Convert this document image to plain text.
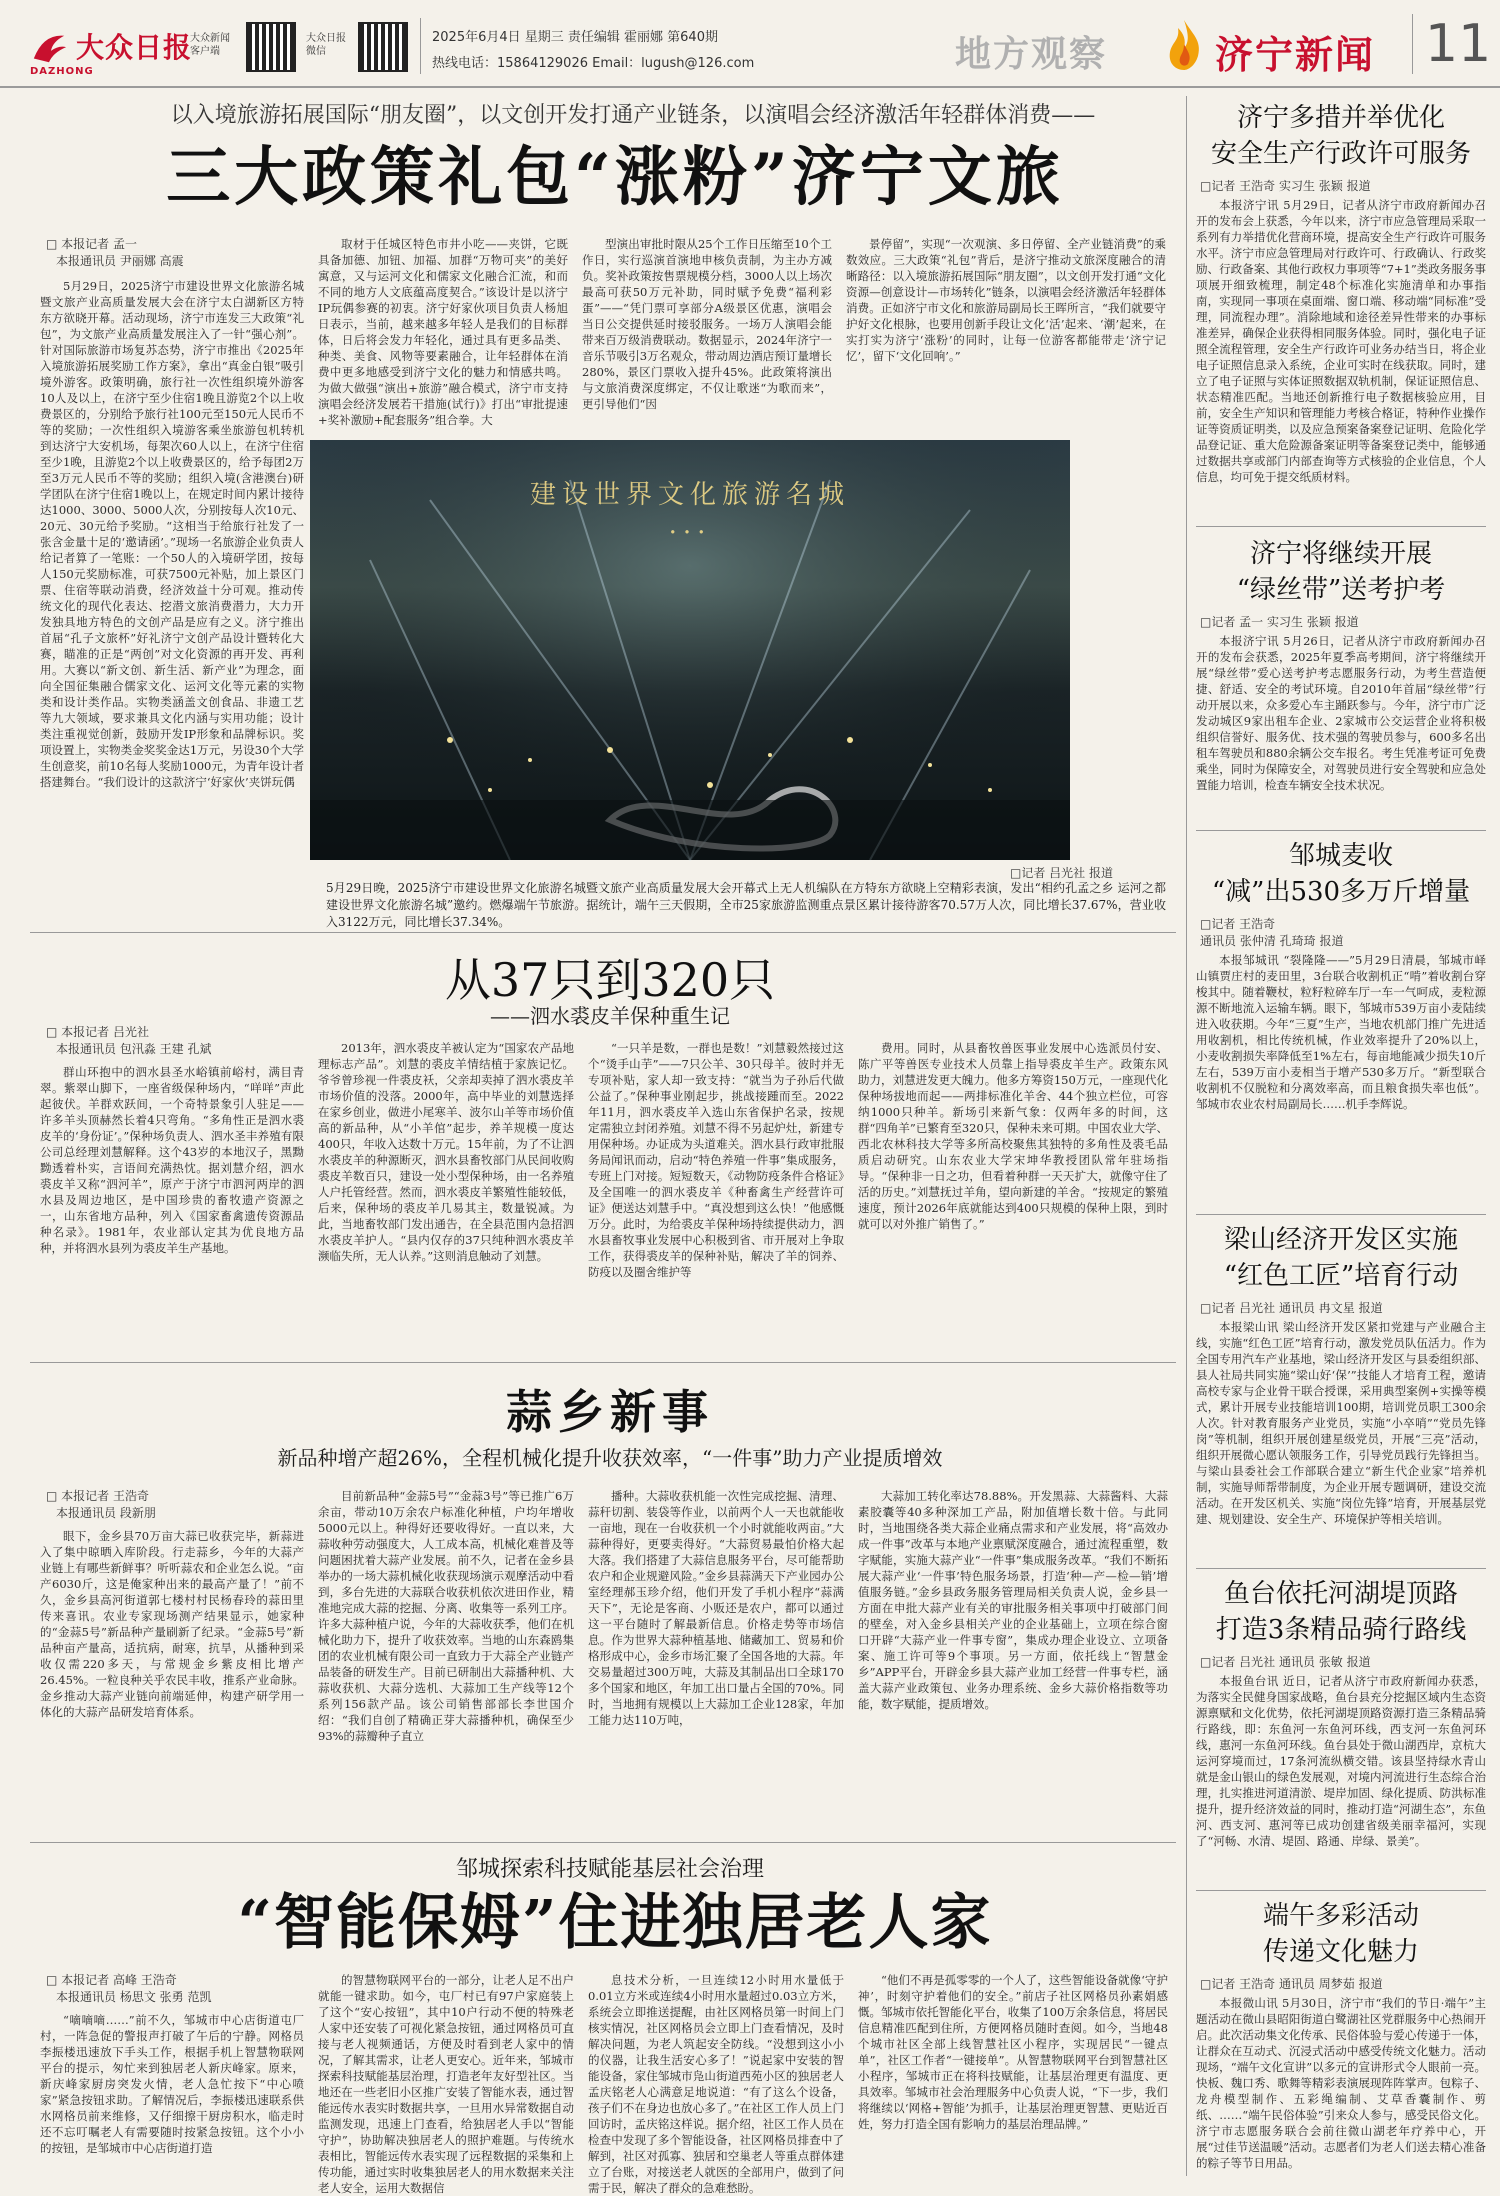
大众日报
DAZHONG
大众新闻
客户端
大众日报
微信
2025年6月4日 星期三 责任编辑 霍丽娜 第640期
热线电话：15864129026 Email：lugush@126.com	地方观察	济宁新闻 11
以入境旅游拓展国际“朋友圈”，以文创开发打通产业链条，以演唱会经济激活年轻群体消费——
三大政策礼包“涨粉”济宁文旅
□ 本报记者 孟一
本报通讯员 尹丽娜 高震

5月29日，2025济宁市建设世界文化旅游名城暨文旅产业高质量发展大会在济宁太白湖新区方特东方欲晓开幕。活动现场，济宁市连发三大政策“礼包”，为文旅产业高质量发展注入了一针“强心剂”。针对国际旅游市场复苏态势，济宁市推出《2025年入境旅游拓展奖励工作方案》，拿出“真金白银”吸引境外游客。政策明确，旅行社一次性组织境外游客10人及以上，在济宁至少住宿1晚且游览2个以上收费景区的，分别给予旅行社100元至150元人民币不等的奖励；一次性组织入境游客乘坐旅游包机转机到达济宁大安机场，每架次60人以上，在济宁住宿至少1晚，且游览2个以上收费景区的，给予每团2万至3万元人民币不等的奖励；组织入境(含港澳台)研学团队在济宁住宿1晚以上，在规定时间内累计接待达1000、3000、5000人次，分别按每人次10元、20元、30元给予奖励。“这相当于给旅行社发了一张含金量十足的‘邀请函’。”现场一名旅游企业负责人给记者算了一笔账：一个50人的入境研学团，按每人150元奖励标准，可获7500元补贴，加上景区门票、住宿等联动消费，经济效益十分可观。推动传统文化的现代化表达、挖潜文旅消费潜力，大力开发独具地方特色的文创产品是应有之义。济宁推出首届“孔子文旅杯”好礼济宁文创产品设计暨转化大赛，瞄准的正是“两创”对文化资源的再开发、再利用。大赛以“新文创、新生活、新产业”为理念，面向全国征集融合儒家文化、运河文化等元素的实物类和设计类作品。实物类涵盖文创食品、非遗工艺等九大领域，要求兼具文化内涵与实用功能；设计类注重视觉创新，鼓励开发IP形象和品牌标识。奖项设置上，实物类金奖奖金达1万元，另设30个大学生创意奖，前10名每人奖励1000元，为青年设计者搭建舞台。“我们设计的这款济宁‘好家伙’夹饼玩偶

取材于任城区特色市井小吃——夹饼，它既具备加德、加钮、加福、加群“万物可夹”的美好寓意，又与运河文化和儒家文化融合汇流，和而不同的地方人文底蕴高度契合。”该设计是以济宁IP玩偶参赛的初衷。济宁好家伙项目负责人杨旭日表示，当前，越来越多年轻人是我们的目标群体，日后将会发力年轻化，通过具有更多品类、种类、美食、风物等要素融合，让年轻群体在消费中更多地感受到济宁文化的魅力和情感共鸣。为做大做强“演出+旅游”融合模式，济宁市支持演唱会经济发展若干措施(试行)》打出“审批提速+奖补激励+配套服务”组合拳。大

型演出审批时限从25个工作日压缩至10个工作日，实行巡演首演地申核负责制，为主办方减负。奖补政策按售票规模分档，3000人以上场次最高可获50万元补助，同时赋予免费“福利彩蛋”——“凭门票可享部分A级景区优惠，演唱会当日公交提供延时接驳服务。一场万人演唱会能带来百万级消费联动。数据显示，2024年济宁一音乐节吸引3万名观众，带动周边酒店预订量增长280%，景区门票收入提升45%。此政策将演出与文旅消费深度绑定，不仅让歌迷“为歌而来”，更引导他们“因

景停留”，实现“一次观演、多日停留、全产业链消费”的乘数效应。三大政策“礼包”背后，是济宁推动文旅深度融合的清晰路径：以入境旅游拓展国际“朋友圈”，以文创开发打通“文化资源—创意设计—市场转化”链条，以演唱会经济激活年轻群体消费。正如济宁市文化和旅游局副局长王晖所言，“我们就要守护好文化根脉，也要用创新手段让文化‘活’起来、‘潮’起来，在实打实为济宁‘涨粉’的同时，让每一位游客都能带走‘济宁记忆’，留下‘文化回响’。”

建设世界文化旅游名城
...
□记者 吕光社 报道
5月29日晚，2025济宁市建设世界文化旅游名城暨文旅产业高质量发展大会开幕式上无人机编队在方特东方欲晓上空精彩表演，发出“相约孔孟之乡 运河之都 建设世界文化旅游名城”邀约。燃爆端午节旅游。据统计，端午三天假期，全市25家旅游监测重点景区累计接待游客70.57万人次，同比增长37.67%，营业收入3122万元，同比增长37.34%。
从37只到320只
——泗水裘皮羊保种重生记
□ 本报记者 吕光社
本报通讯员 包汛淼 王建 孔斌

群山环抱中的泗水县圣水峪镇前峪村，满目青翠。紫翠山脚下，一座省级保种场内，“咩咩”声此起彼伏。羊群欢跃间，一个奇特景象引人驻足——许多羊头顶赫然长着4只弯角。“多角性正是泗水裘皮羊的‘身份证’。”保种场负责人、泗水圣丰养殖有限公司总经理刘慧解释。这个43岁的本地汉子，黑黝黝透着朴实，言语间充满热忱。据刘慧介绍，泗水裘皮羊又称“泗河羊”，原产于济宁市泗河两岸的泗水县及周边地区，是中国珍贵的畜牧遗产资源之一，山东省地方品种，列入《国家畜禽遗传资源品种名录》。1981年，农业部认定其为优良地方品种，并将泗水县列为裘皮羊生产基地。

2013年，泗水裘皮羊被认定为“国家农产品地理标志产品”。刘慧的裘皮羊情结植于家族记忆。爷爷曾珍视一件裘皮袄，父亲却卖掉了泗水裘皮羊市场价值的没落。2000年，高中毕业的刘慧选择在家乡创业，做进小尾寒羊、波尔山羊等市场价值高的新品种，从“小羊倌”起步，养羊规模一度达400只，年收入达数十万元。15年前，为了不让泗水裘皮羊的种源断灭，泗水县畜牧部门从民间收购裘皮羊数百只，建设一处小型保种场，由一名养殖人户托管经营。然而，泗水裘皮羊繁殖性能较低，后来，保种场的裘皮羊几易其主，数量锐减。为此，当地畜牧部门发出通告，在全县范围内急招泗水裘皮羊护人。“县内仅存的37只纯种泗水裘皮羊濒临失所，无人认养。”这则消息触动了刘慧。

“一只羊是数，一群也是数！”刘慧毅然接过这个“烫手山芋”——7只公羊、30只母羊。彼时并无专项补贴，家人却一致支持：“就当为子孙后代做公益了。”保种事业刚起步，挑战接踵而至。2022年11月，泗水裘皮羊入选山东省保护名录，按规定需独立封闭养殖。刘慧不得不另起炉灶，新建专用保种场。办证成为头道难关。泗水县行政审批服务局闻讯而动，启动“特色养殖一件事”集成服务，专班上门对接。短短数天，《动物防疫条件合格证》及全国唯一的泗水裘皮羊《种畜禽生产经营许可证》便送达刘慧手中。“真没想到这么快！”他感慨万分。此时，为给裘皮羊保种场持续提供动力，泗水县畜牧事业发展中心积极到省、市开展对上争取工作，获得裘皮羊的保种补贴，解决了羊的饲养、防疫以及圈舍维护等

费用。同时，从县畜牧兽医事业发展中心选派员付安、陈广平等兽医专业技术人员靠上指导裘皮羊生产。政策东风助力，刘慧进发更大魄力。他多方筹资150万元，一座现代化保种场拔地而起——两排标准化羊舍、44个独立栏位，可容纳1000只种羊。新场引来新气象：仅两年多的时间，这群“四角羊”已繁育至320只，保种未来可期。中国农业大学、西北农林科技大学等多所高校聚焦其独特的多角性及裘毛品质启动研究。山东农业大学宋坤华教授团队常年驻场指导。“保种非一日之功，但看着种群一天天扩大，就像守住了活的历史。”刘慧抚过羊角，望向新建的羊舍。“按规定的繁殖速度，预计2026年底就能达到400只规模的保种上限，到时就可以对外推广销售了。”

蒜乡新事
新品种增产超26%，全程机械化提升收获效率，“一件事”助力产业提质增效
□ 本报记者 王浩奇
本报通讯员 段新朋

眼下，金乡县70万亩大蒜已收获完毕，新蒜进入了集中晾晒入库阶段。行走蒜乡，今年的大蒜产业链上有哪些新鲜事？听听蒜农和企业怎么说。“亩产6030斤，这是俺家种出来的最高产量了！”前不久，金乡县高河街道郭七楼村村民杨春玲的蒜田里传来喜讯。农业专家现场测产结果显示，她家种的“金蒜5号”新品种产量刷新了纪录。“金蒜5号”新品种亩产量高，适抗病，耐寒，抗旱，从播种到采收仅需220多天，与常规金乡紫皮相比增产26.45%。一粒良种关乎农民丰收，推系产业命脉。金乡推动大蒜产业链向前端延伸，构建产研学用一体化的大蒜产品研发培育体系。

目前新品种“金蒜5号”“金蒜3号”等已推广6万余亩，带动10万余农户标准化种植，户均年增收5000元以上。种得好还要收得好。一直以来，大蒜收种劳动强度大，人工成本高，机械化难普及等问题困扰着大蒜产业发展。前不久，记者在金乡县举办的一场大蒜机械化收获现场演示观摩活动中看到，多台先进的大蒜联合收获机依次进田作业，精准地完成大蒜的挖掘、分离、收集等一系列工序。许多大蒜种植户说，今年的大蒜收获季，他们在机械化助力下，提升了收获效率。当地的山东森鸥集团的农业机械有限公司一直致力于大蒜全产业链产品装备的研发生产。目前已研制出大蒜播种机、大蒜收获机、大蒜分选机、大蒜加工生产线等12个系列156款产品。该公司销售部部长李世国介绍：“我们自创了精确正芽大蒜播种机，确保至少93%的蒜瓣种子直立

播种。大蒜收获机能一次性完成挖掘、清理、蒜秆切割、装袋等作业，以前两个人一天也就能收一亩地，现在一台收获机一个小时就能收两亩。”大蒜种得好，更要卖得好。“大蒜贸易最怕价格大起大落。我们搭建了大蒜信息服务平台，尽可能帮助农户和企业规避风险。”金乡县蒜满天下产业园办公室经理郝玉珍介绍，他们开发了手机小程序“蒜满天下”，无论是客商、小贩还是农户，都可以通过这一平台随时了解最新信息。价格走势等市场信息。作为世界大蒜种植基地、储藏加工、贸易和价格形成中心，金乡市场汇聚了全国各地的大蒜。年交易量超过300万吨，大蒜及其制品出口全球170多个国家和地区，年加工出口量占全国的70%。同时，当地拥有规模以上大蒜加工企业128家，年加工能力达110万吨，

大蒜加工转化率达78.88%。开发黑蒜、大蒜酱料、大蒜素胶囊等40多种深加工产品，附加值增长数十倍。与此同时，当地围绕各类大蒜企业痛点需求和产业发展，将“高效办成一件事”改革与本地产业禀赋深度融合，通过流程重塑，数字赋能，实施大蒜产业“一件事”集成服务改革。“我们不断拓展大蒜产业‘一件事’特色服务场景，打造‘种—产—检—销’增值服务链。”金乡县政务服务管理局相关负责人说，金乡县一方面在申批大蒜产业有关的审批服务相关事项中打破部门间的壁垒，对入金乡县相关产业的企业基础上，立项在综合窗口开辟“大蒜产业一件事专窗”，集成办理企业设立、立项备案、施工许可等9个事项。另一方面，依托线上“智慧金乡”APP平台，开辟金乡县大蒜产业加工经营一件事专栏，涵盖大蒜产业政策包、业务办理系统、金乡大蒜价格指数等功能，数字赋能，提质增效。

邹城探索科技赋能基层社会治理
“智能保姆”住进独居老人家
□ 本报记者 高峰 王浩奇
本报通讯员 杨思文 张勇 范凯

“嘀嘀嘀……”前不久，邹城市中心店街道屯厂村，一阵急促的警报声打破了午后的宁静。网格员李振楼迅速放下手头工作，根据手机上智慧物联网平台的提示，匆忙来到独居老人新庆峰家。原来，新庆峰家厨房突发火情，老人急忙按下“中心喷家”紧急按钮求助。了解情况后，李振楼迅速联系供水网格员前来维修，又仔细擦干厨房积水，临走时还不忘叮嘱老人有需要随时按紧急按钮。这个小小的按钮，是邹城市中心店街道打造

的智慧物联网平台的一部分，让老人足不出户就能一键求助。如今，屯厂村已有97户家庭装上了这个“安心按钮”，其中10户行动不便的特殊老人家中还安装了可视化紧急按钮，通过网格员可直接与老人视频通话，方便及时看到老人家中的情况，了解其需求，让老人更安心。近年来，邹城市探索科技赋能基层治理，打造老年友好型社区。当地还在一些老旧小区推广安装了智能水表，通过智能远传水表实时数据共享，一旦用水异常数据自动监测发现，迅速上门查看，给独居老人手以“智能守护”，协助解决独居老人的照护难题。与传统水表相比，智能远传水表实现了远程数据的采集和上传功能，通过实时收集独居老人的用水数据来关注老人安全，运用大数据信

息技术分析，一旦连续12小时用水量低于0.01立方米或连续4小时用水量超过0.03立方米，系统会立即推送提醒，由社区网格员第一时间上门核实情况，社区网格员会立即上门查看情况，及时解决问题，为老人筑起安全防线。“没想到这小小的仪器，让我生活安心多了！”说起家中安装的智能设备，家住邹城市凫山街道西苑小区的独居老人孟庆铭老人心满意足地说道：“有了这么个设备，孩子们不在身边也放心多了。”在社区工作人员上门回访时，孟庆铭这样说。据介绍，社区工作人员在检查中发现了多个智能设备，社区网格员排查中了解到，社区对孤寡、独居和空巢老人等重点群体建立了台账，对接送老人就医的全部用户，做到了问需于民，解决了群众的急难愁盼。

“他们不再是孤零零的一个人了，这些智能设备就像‘守护神’，时刻守护着他们的安全。”前店子社区网格员孙素娟感慨。邹城市依托智能化平台，收集了100万余条信息，将居民信息精准匹配到住所，方便网格员随时查阅。如今，当地48个城市社区全部上线智慧社区小程序，实现居民“一键点单”，社区工作者“一键接单”。从智慧物联网平台到智慧社区小程序，邹城市正在将科技赋能，让基层治理更有温度、更具效率。邹城市社会治理服务中心负责人说，“下一步，我们将继续以‘网格+智能’为抓手，让基层治理更智慧、更贴近百姓，努力打造全国有影响力的基层治理品牌。”

济宁多措并举优化
安全生产行政许可服务
□记者 王浩奇 实习生 张颖 报道

本报济宁讯 5月29日，记者从济宁市政府新闻办召开的发布会上获悉，今年以来，济宁市应急管理局采取一系列有力举措优化营商环境，提高安全生产行政许可服务水平。济宁市应急管理局对行政许可、行政确认、行政奖励、行政备案、其他行政权力事项等“7+1”类政务服务事项展开细致梳理，制定48个标准化实施清单和办事指南，实现同一事项在桌面端、窗口端、移动端“同标准”受理，同流程办理”。消除地域和途径差异性带来的办事标准差异，确保企业获得相同服务体验。同时，强化电子证照全流程管理，安全生产行政许可业务办结当日，将企业电子证照信息录入系统，企业可实时在线获取。同时，建立了电子证照与实体证照数据双轨机制，保证证照信息、状态精准匹配。当地还创新推行电子数据核验应用，目前，安全生产知识和管理能力考核合格证，特种作业操作证等资质证明类，以及应急预案备案登记证明、危险化学品登记证、重大危险源备案证明等备案登记类中，能够通过数据共享或部门内部查询等方式核验的企业信息，个人信息，均可免于提交纸质材料。

济宁将继续开展
“绿丝带”送考护考
□记者 孟一 实习生 张颖 报道

本报济宁讯 5月26日，记者从济宁市政府新闻办召开的发布会获悉，2025年夏季高考期间，济宁将继续开展“绿丝带”爱心送考护考志愿服务行动，为考生营造便捷、舒适、安全的考试环境。自2010年首届“绿丝带”行动开展以来，众多爱心车主踊跃参与。今年，济宁市广泛发动城区9家出租车企业、2家城市公交运营企业将积极组织信誉好、服务优、技术强的驾驶员参与，600多名出租车驾驶员和880余辆公交车报名。考生凭准考证可免费乘坐，同时为保障安全，对驾驶员进行安全驾驶和应急处置能力培训，检查车辆安全技术状况。

邹城麦收
“减”出530多万斤增量
□记者 王浩奇
通讯员 张仲清 孔琦琦 报道

本报邹城讯 “裂隆隆——”5月29日清晨，邹城市峄山镇贾庄村的麦田里，3台联合收割机正“啃”着收割台穿梭其中。随着鞭杖，粒籽粒碎车厅一车一气呵成，麦粒源源不断地流入运输车辆。眼下，邹城市539万亩小麦陆续进入收获期。今年“三夏”生产，当地农机部门推广先进适用收割机，相比传统机械，作业效率提升了20%以上，小麦收割损失率降低至1%左右，每亩地能减少损失10斤左右，539万亩小麦相当于增产530多万斤。“新型联合收割机不仅脱粒和分离效率高，而且粮食损失率也低”。邹城市农业农村局副局长……机手李辉说。

梁山经济开发区实施
“红色工匠”培育行动
□记者 吕光社 通讯员 冉文星 报道

本报梁山讯 梁山经济开发区紧扣党建与产业融合主线，实施“红色工匠”培育行动，激发党员队伍活力。作为全国专用汽车产业基地，梁山经济开发区与县委组织部、县人社局共同实施“梁山好‘保’”技能人才培育工程，邀请高校专家与企业骨干联合授课，采用典型案例+实操等模式，累计开展专业技能培训100期，培训党员职工300余人次。针对教育服务产业党员，实施“小卒哨”“党员先锋岗”等机制，组织开展创建星级党员，开展“三亮”活动，组织开展微心愿认领服务工作，引导党员践行先锋担当。与梁山县委社会工作部联合建立“新生代企业家”培养机制，实施导师帮带制度，为企业开展专题调研，建设交流活动。在开发区机关、实施“岗位先锋”培育，开展基层党建、规划建设、安全生产、环境保护等相关培训。

鱼台依托河湖堤顶路
打造3条精品骑行路线
□记者 吕光社 通讯员 张敏 报道

本报鱼台讯 近日，记者从济宁市政府新闻办获悉，为落实全民健身国家战略，鱼台县充分挖掘区域内生态资源禀赋和文化优势，依托河湖堤顶路资源打造三条精品骑行路线，即：东鱼河一东鱼河环线，西支河一东鱼河环线，惠河一东鱼河环线。鱼台县处于微山湖西岸，京杭大运河穿境而过，17条河流纵横交错。该县坚持绿水青山就是金山银山的绿色发展观，对境内河流进行生态综合治理，扎实推进河道清淤、堤岸加固、绿化提质、防洪标准提升，提升经济效益的同时，推动打造“河湖生态”，东鱼河、西支河、惠河等已成功创建省级美丽幸福河，实现了“河畅、水清、堤固、路通、岸绿、景美”。

端午多彩活动
传递文化魅力
□记者 王浩奇 通讯员 周梦茹 报道

本报微山讯 5月30日，济宁市“我们的节日·端午”主题活动在微山县昭阳街道白鹭湖社区党群服务中心热闹开启。此次活动集文化传承、民俗体验与爱心传递于一体，让群众在互动式、沉浸式活动中感受传统文化魅力。活动现场，“端午文化宣讲”以多元的宣讲形式令人眼前一亮。快板、魏口秀、歌舞等精彩表演展现阵阵掌声。包粽子、龙舟模型制作、五彩绳编制、艾草香囊制作、剪纸、……“端午民俗体验”引来众人参与，感受民俗文化。济宁市志愿服务联合会前往微山湖老年疗养中心，开展“过佳节送温暖”活动。志愿者们为老人们送去精心准备的粽子等节日用品。
